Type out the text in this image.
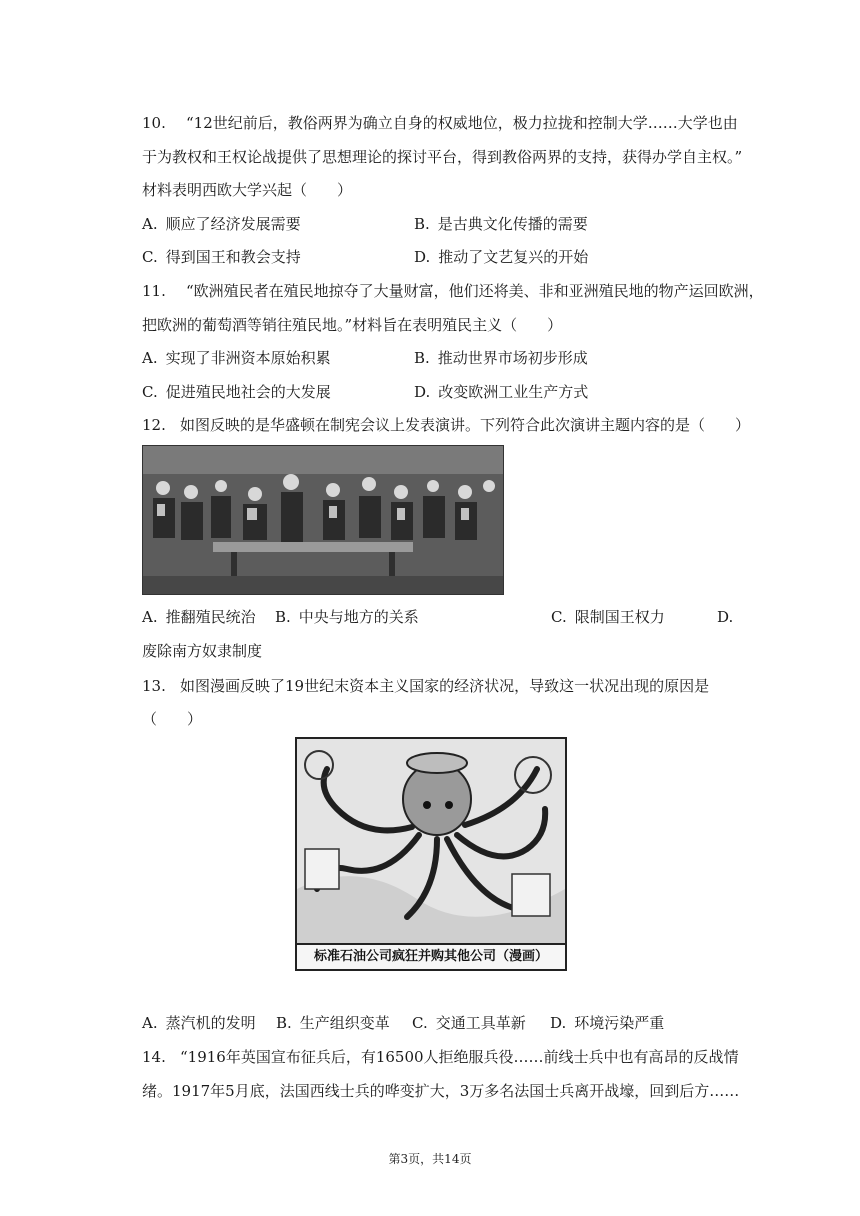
10. “12世纪前后，教俗两界为确立自身的权威地位，极力拉拢和控制大学……大学也由
于为教权和王权论战提供了思想理论的探讨平台，得到教俗两界的支持，获得办学自主权。”
材料表明西欧大学兴起（　　）
A. 顺应了经济发展需要	B. 是古典文化传播的需要
C. 得到国王和教会支持	D. 推动了文艺复兴的开始
11. “欧洲殖民者在殖民地掠夺了大量财富，他们还将美、非和亚洲殖民地的物产运回欧洲，
把欧洲的葡萄酒等销往殖民地。”材料旨在表明殖民主义（　　）
A. 实现了非洲资本原始积累	B. 推动世界市场初步形成
C. 促进殖民地社会的大发展	D. 改变欧洲工业生产方式
12. 如图反映的是华盛顿在制宪会议上发表演讲。下列符合此次演讲主题内容的是（　　）
A. 推翻殖民统治 B. 中央与地方的关系	C. 限制国王权力	D.
废除南方奴隶制度
13. 如图漫画反映了19世纪末资本主义国家的经济状况，导致这一状况出现的原因是
（　　）
标准石油公司疯狂并购其他公司（漫画）
A. 蒸汽机的发明 B. 生产组织变革 C. 交通工具革新 D. 环境污染严重
14. “1916年英国宣布征兵后，有16500人拒绝服兵役……前线士兵中也有高昂的反战情
绪。1917年5月底，法国西线士兵的哗变扩大，3万多名法国士兵离开战壕，回到后方……
第3页，共14页
